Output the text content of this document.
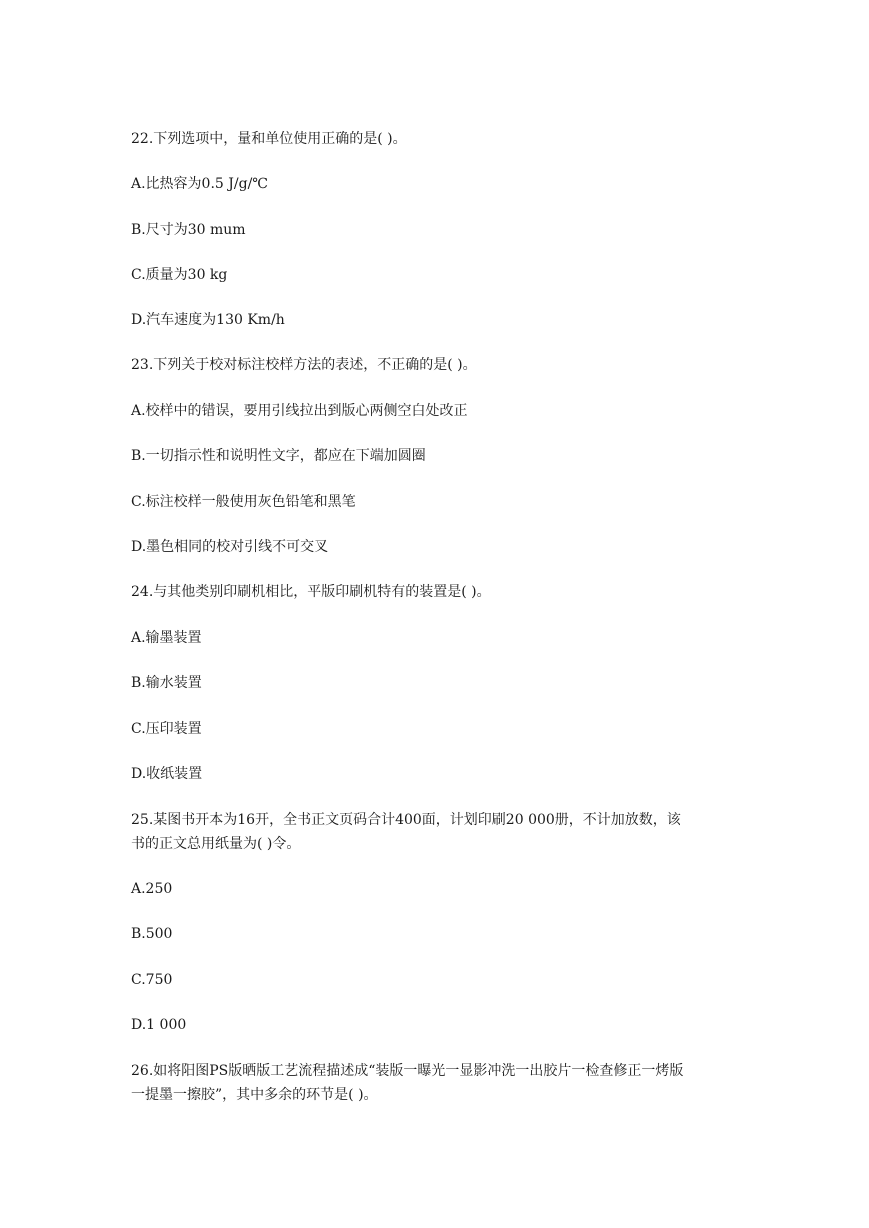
22.下列选项中，量和单位使用正确的是( )。
A.比热容为0.5 J/g/℃
B.尺寸为30 mum
C.质量为30 kg
D.汽车速度为130 Km/h
23.下列关于校对标注校样方法的表述，不正确的是( )。
A.校样中的错误，要用引线拉出到版心两侧空白处改正
B.一切指示性和说明性文字，都应在下端加圆圈
C.标注校样一般使用灰色铅笔和黑笔
D.墨色相同的校对引线不可交叉
24.与其他类别印刷机相比，平版印刷机特有的装置是( )。
A.输墨装置
B.输水装置
C.压印装置
D.收纸装置
25.某图书开本为16开，全书正文页码合计400面，计划印刷20 000册，不计加放数，该
书的正文总用纸量为( )令。
A.250
B.500
C.750
D.1 000
26.如将阳图PS版晒版工艺流程描述成“装版一曝光一显影冲洗一出胶片一检查修正一烤版
一提墨一擦胶”，其中多余的环节是( )。
